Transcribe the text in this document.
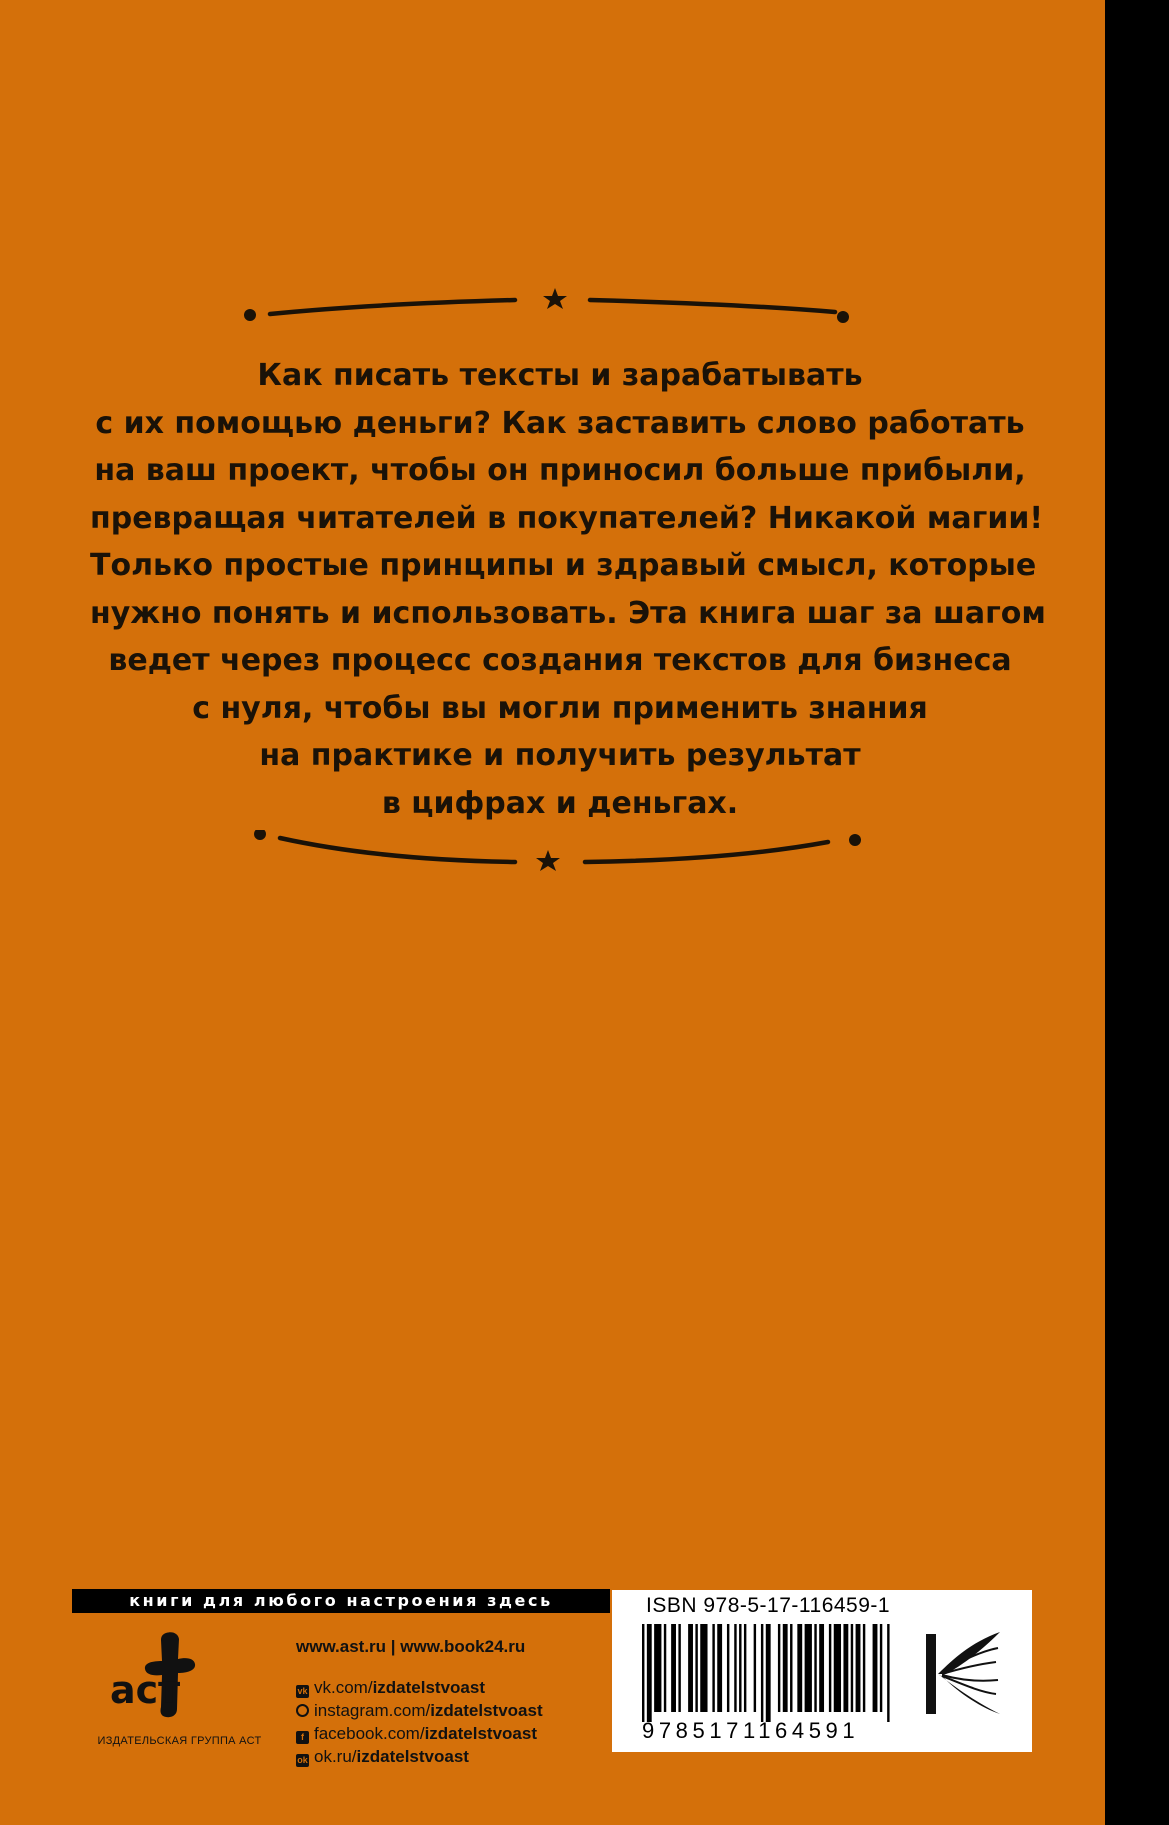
Как писать тексты и зарабатывать
с их помощью деньги? Как заставить слово работать
на ваш проект, чтобы он приносил больше прибыли,
превращая читателей в покупателей? Никакой магии!
Только простые принципы и здравый смысл, которые
нужно понять и использовать. Эта книга шаг за шагом
ведет через процесс создания текстов для бизнеса
с нуля, чтобы вы могли применить знания
на практике и получить результат
в цифрах и деньгах.
книги для любого настроения здесь
аст
ИЗДАТЕЛЬСКАЯ ГРУППА АСТ
www.ast.ru | www.book24.ru
vk vk.com/izdatelstvoast
instagram.com/izdatelstvoast
f facebook.com/izdatelstvoast
ok ok.ru/izdatelstvoast
ISBN 978-5-17-116459-1
9785171164591
